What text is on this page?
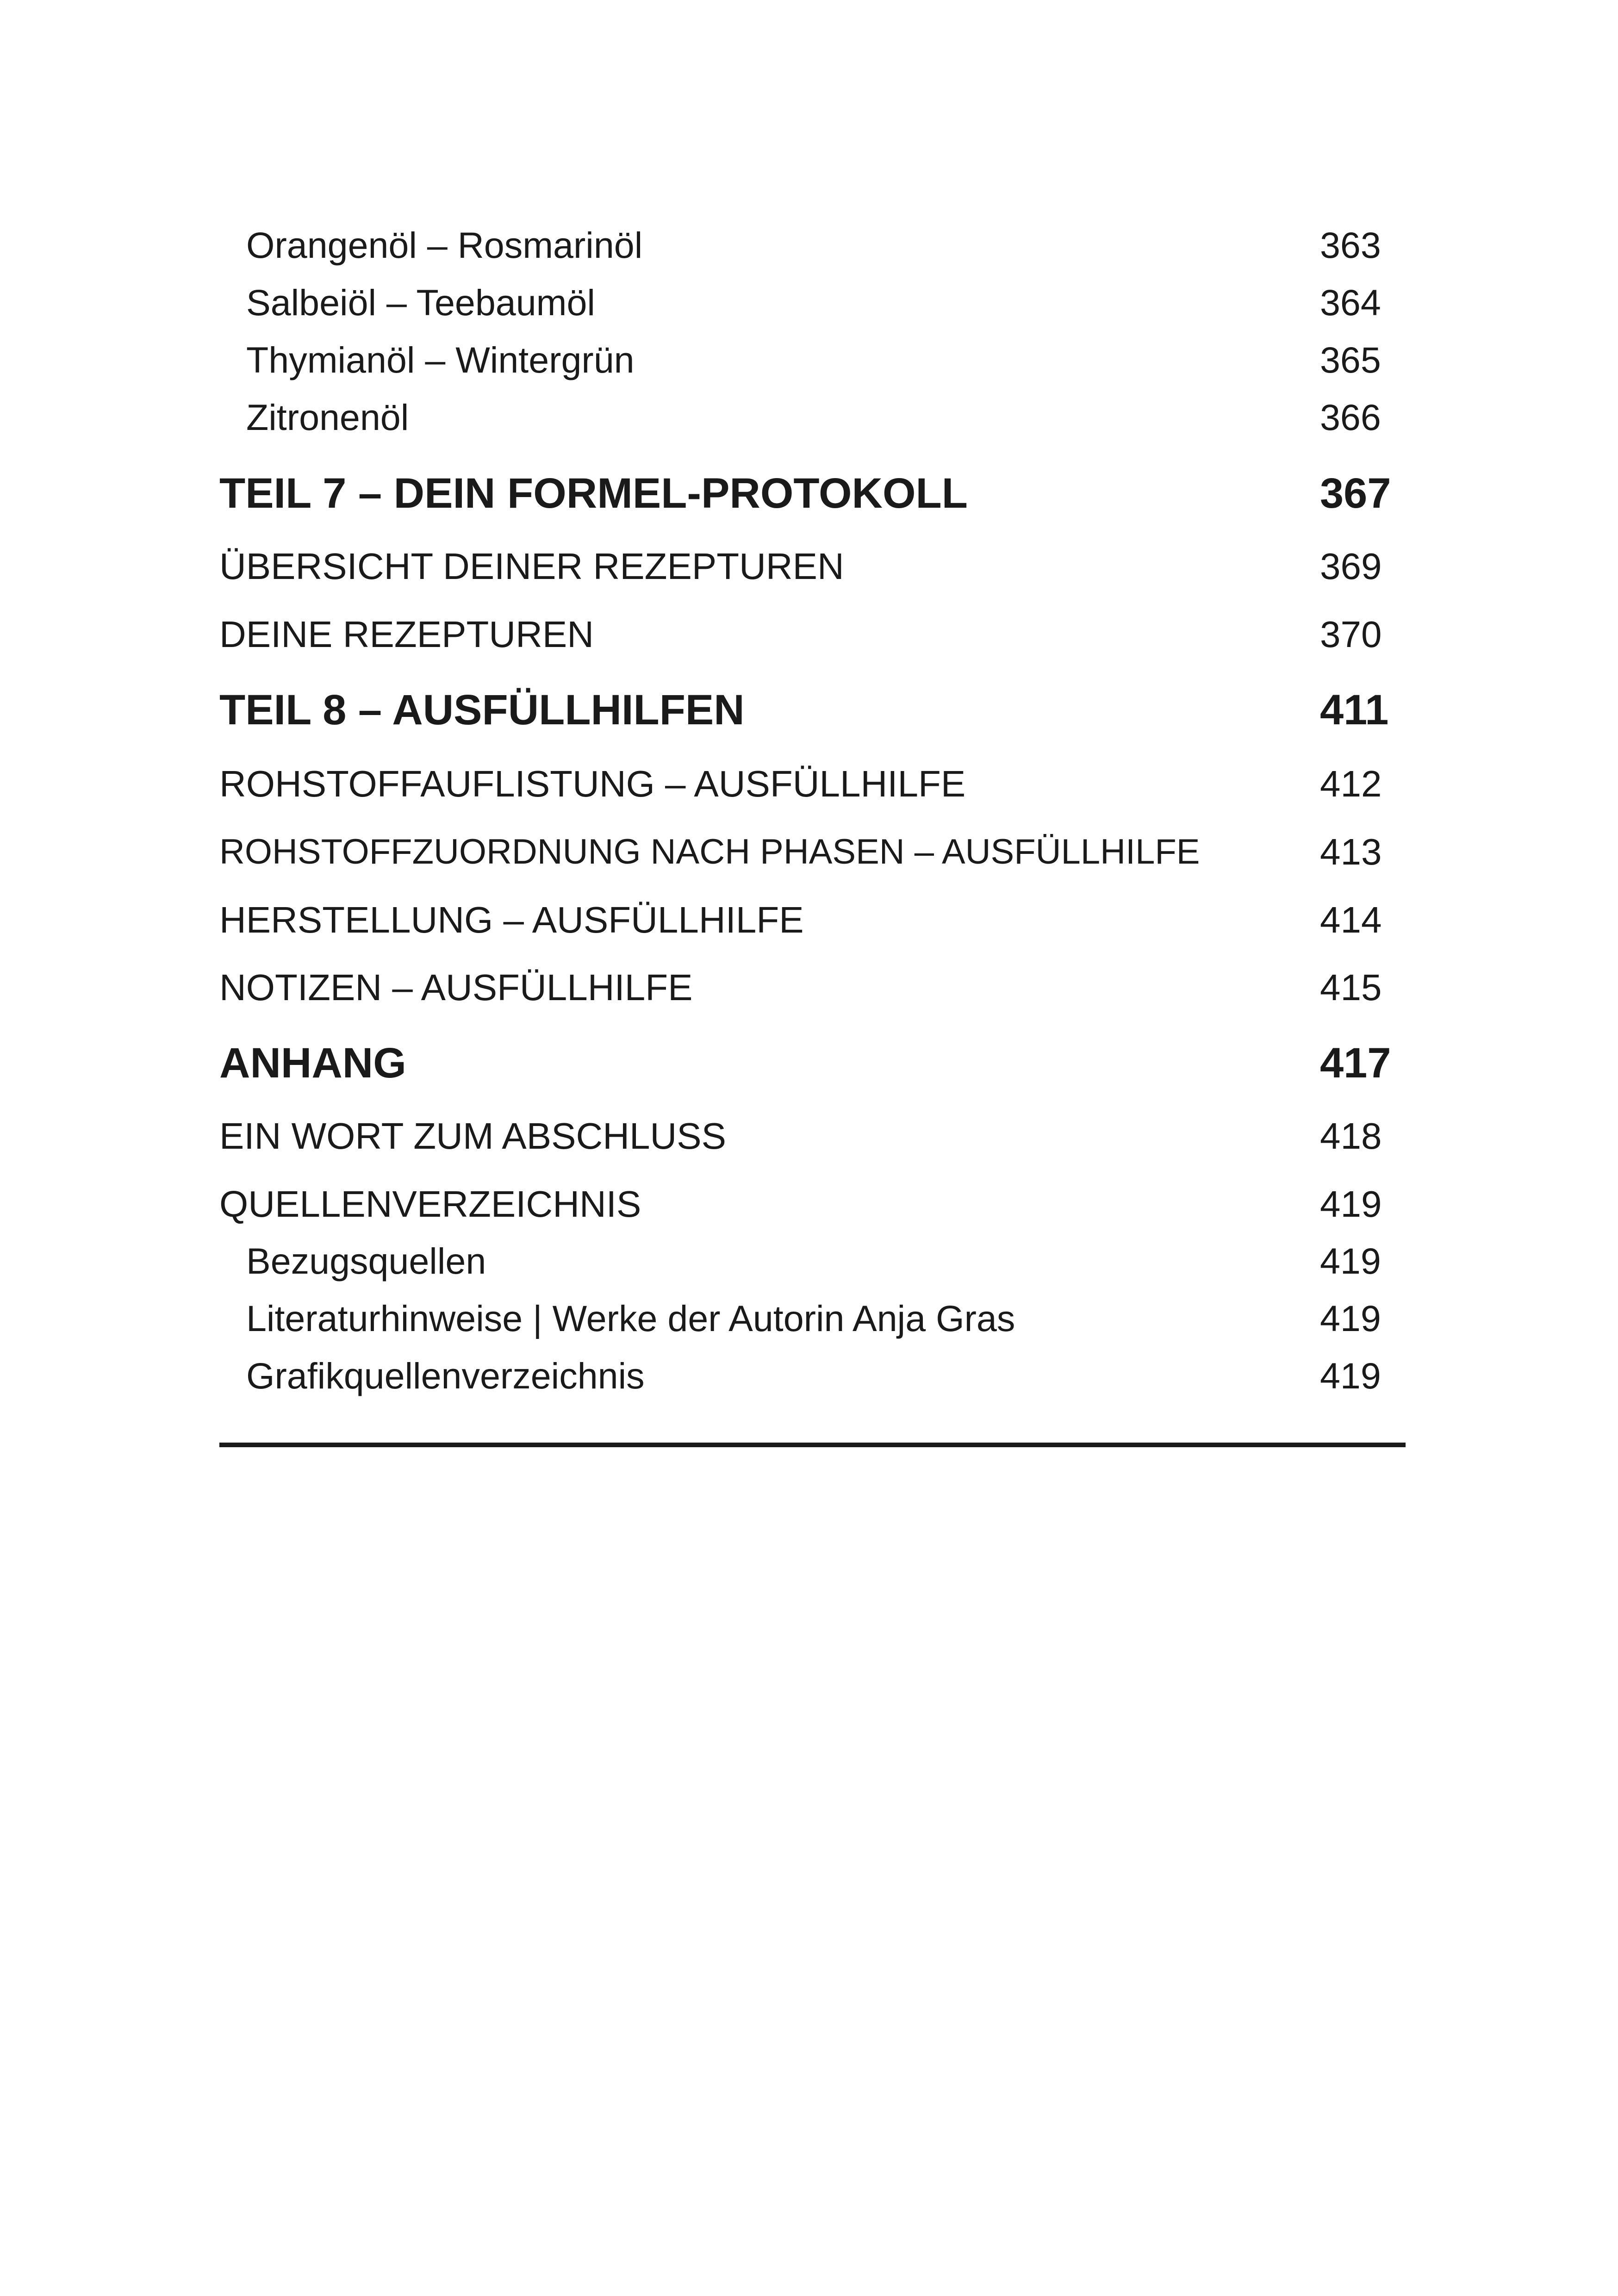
Orangenöl – Rosmarinöl	363
Salbeiöl – Teebaumöl	364
Thymianöl – Wintergrün	365
Zitronenöl	366
TEIL 7 – DEIN FORMEL-PROTOKOLL	367
ÜBERSICHT DEINER REZEPTUREN	369
DEINE REZEPTUREN	370
TEIL 8 – AUSFÜLLHILFEN	411
ROHSTOFFAUFLISTUNG – AUSFÜLLHILFE	412
ROHSTOFFZUORDNUNG NACH PHASEN – AUSFÜLLHILFE	413
HERSTELLUNG – AUSFÜLLHILFE	414
NOTIZEN – AUSFÜLLHILFE	415
ANHANG	417
EIN WORT ZUM ABSCHLUSS	418
QUELLENVERZEICHNIS	419
Bezugsquellen	419
Literaturhinweise | Werke der Autorin Anja Gras	419
Grafikquellenverzeichnis	419
